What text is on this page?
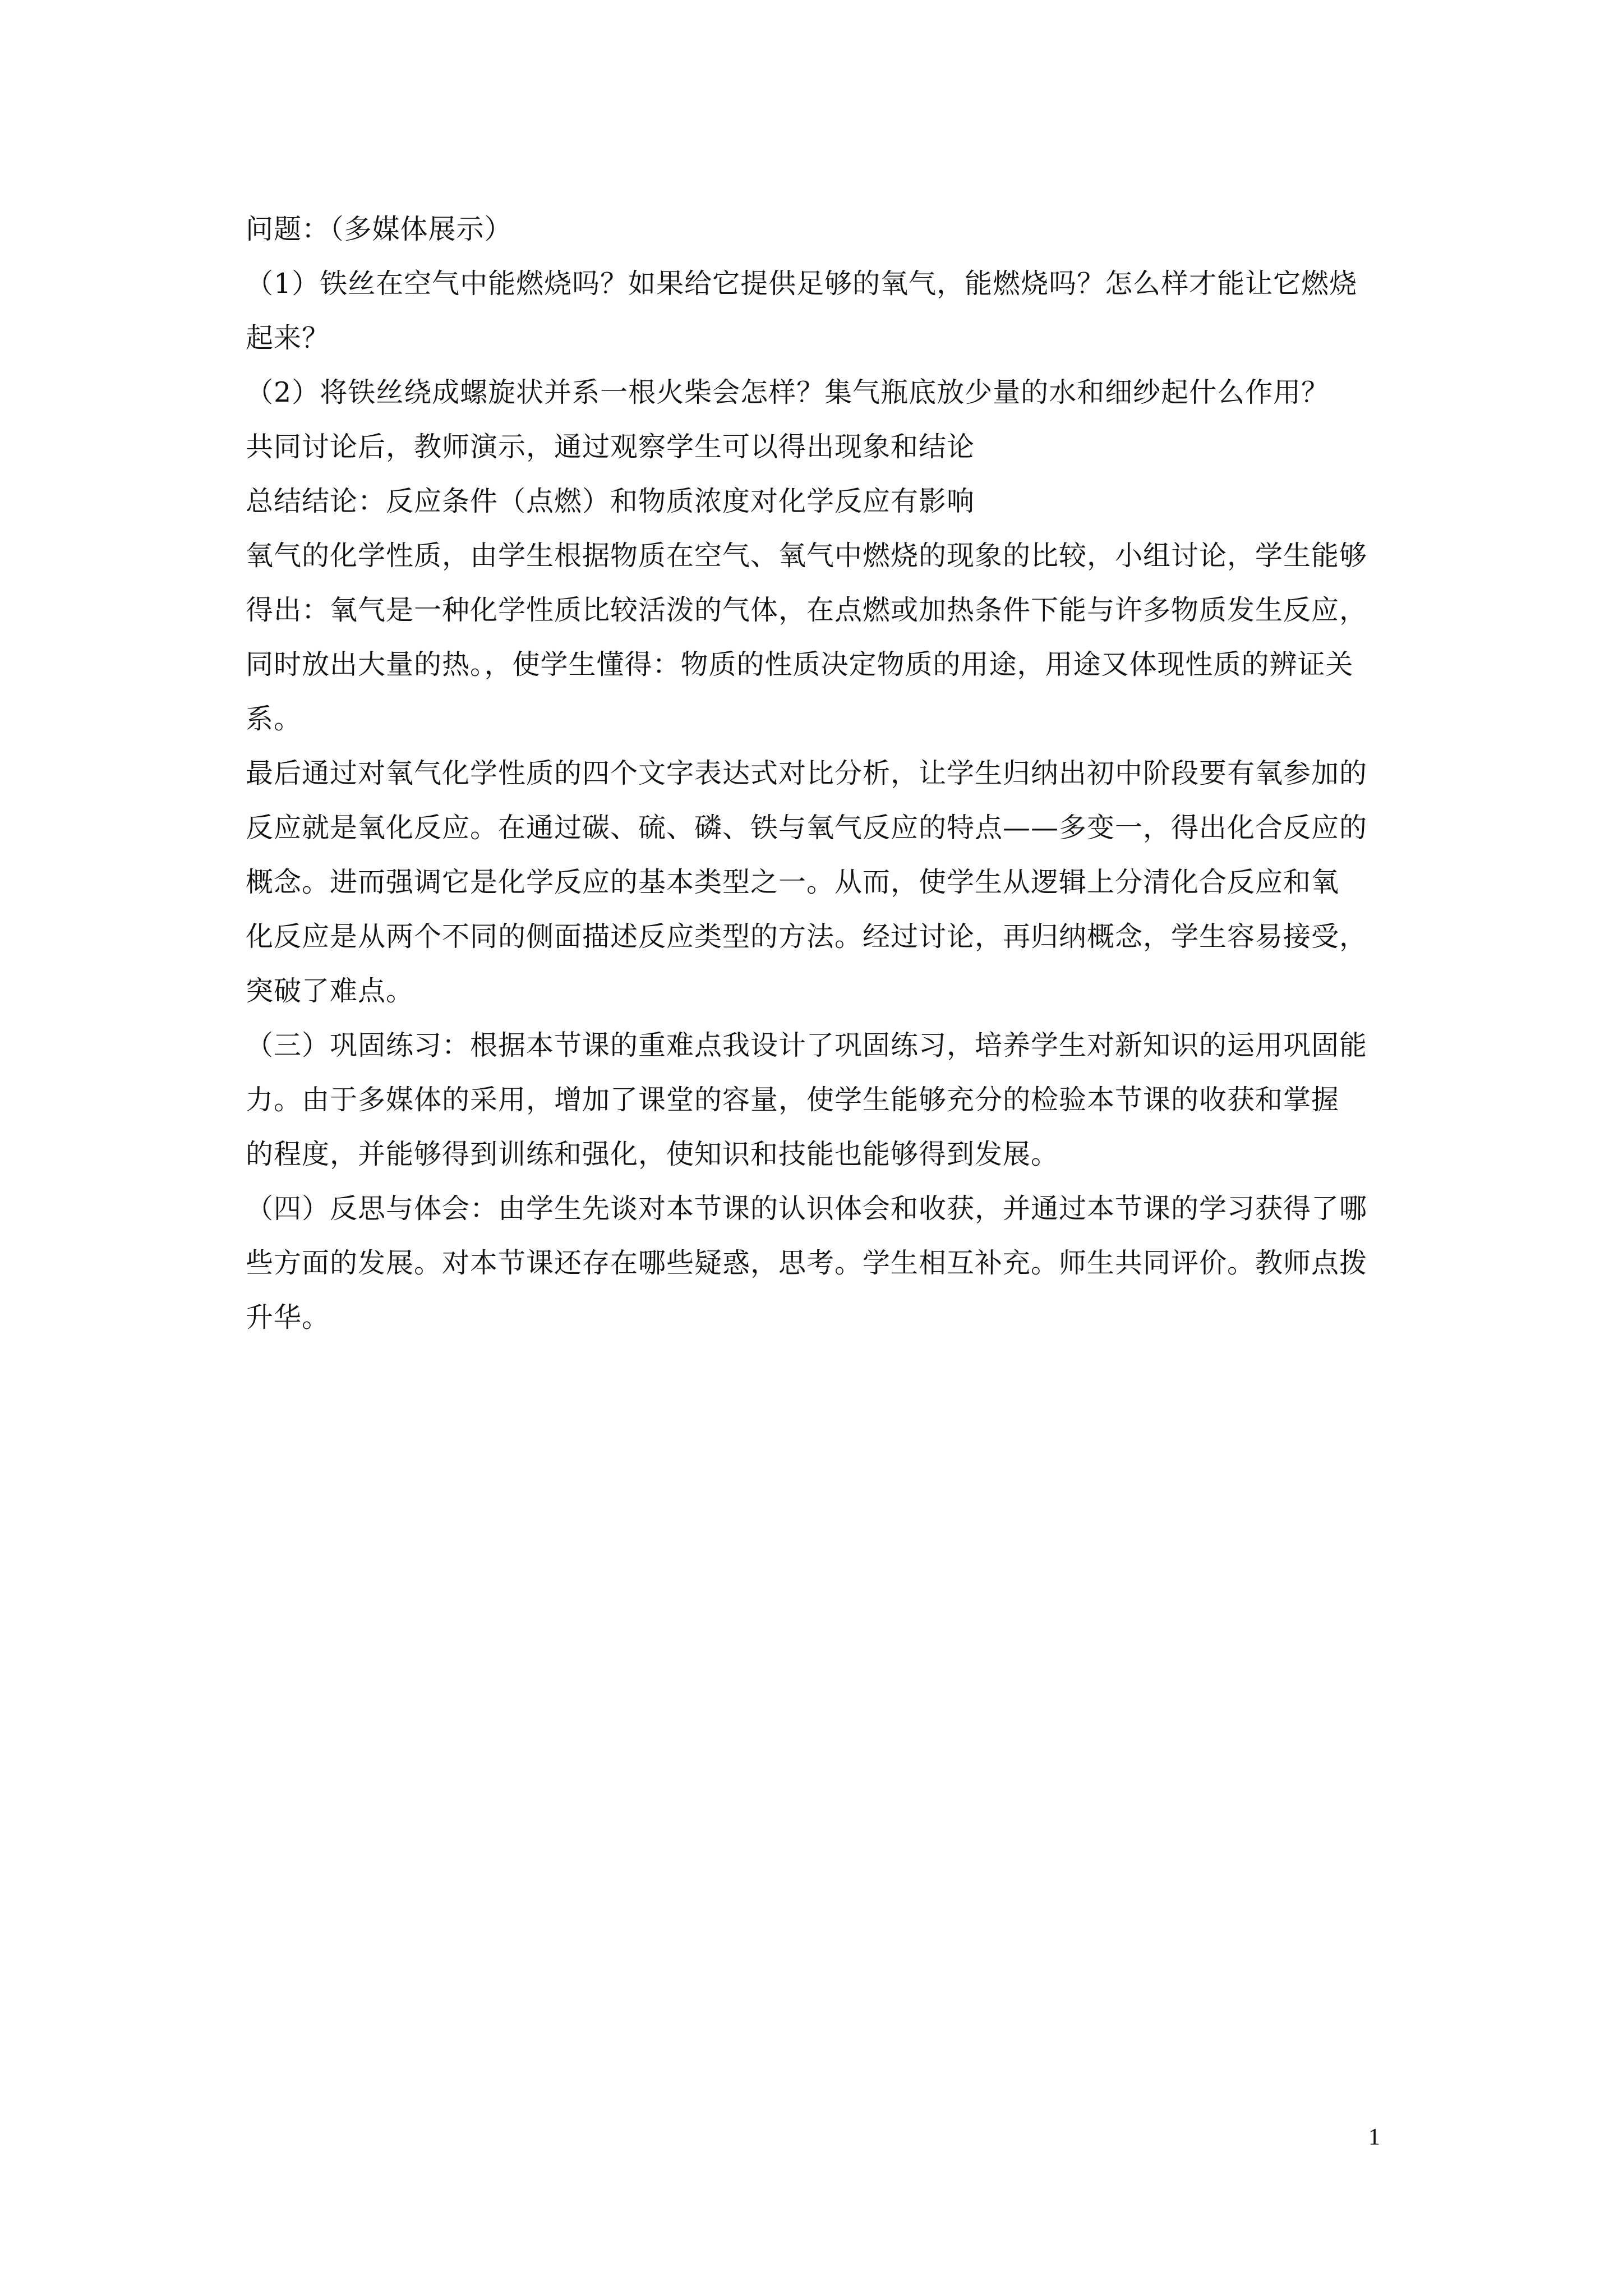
问题：（多媒体展示）
（1）铁丝在空气中能燃烧吗？如果给它提供足够的氧气，能燃烧吗？怎么样才能让它燃烧
起来？
（2）将铁丝绕成螺旋状并系一根火柴会怎样？集气瓶底放少量的水和细纱起什么作用？
共同讨论后，教师演示，通过观察学生可以得出现象和结论
总结结论：反应条件（点燃）和物质浓度对化学反应有影响
氧气的化学性质，由学生根据物质在空气、氧气中燃烧的现象的比较，小组讨论，学生能够
得出：氧气是一种化学性质比较活泼的气体，在点燃或加热条件下能与许多物质发生反应，
同时放出大量的热。，使学生懂得：物质的性质决定物质的用途，用途又体现性质的辨证关
系。
最后通过对氧气化学性质的四个文字表达式对比分析，让学生归纳出初中阶段要有氧参加的
反应就是氧化反应。在通过碳、硫、磷、铁与氧气反应的特点——多变一，得出化合反应的
概念。进而强调它是化学反应的基本类型之一。从而，使学生从逻辑上分清化合反应和氧
化反应是从两个不同的侧面描述反应类型的方法。经过讨论，再归纳概念，学生容易接受，
突破了难点。
（三）巩固练习：根据本节课的重难点我设计了巩固练习，培养学生对新知识的运用巩固能
力。由于多媒体的采用，增加了课堂的容量，使学生能够充分的检验本节课的收获和掌握
的程度，并能够得到训练和强化，使知识和技能也能够得到发展。
（四）反思与体会：由学生先谈对本节课的认识体会和收获，并通过本节课的学习获得了哪
些方面的发展。对本节课还存在哪些疑惑，思考。学生相互补充。师生共同评价。教师点拨
升华。
1
